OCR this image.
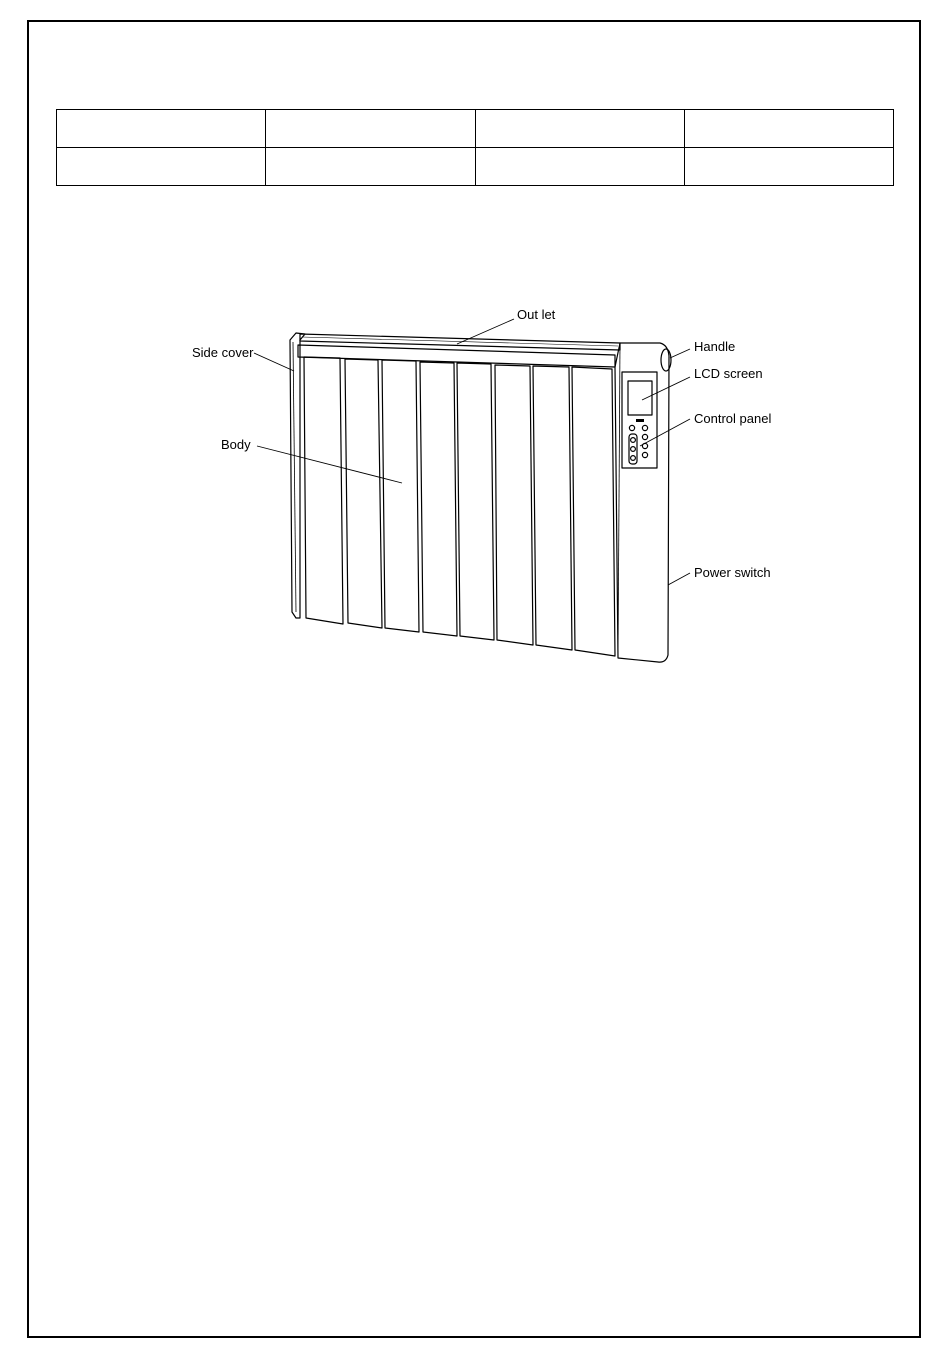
Out let
Side cover	Handle
LCD screen
Control panel
Body
Power switch
